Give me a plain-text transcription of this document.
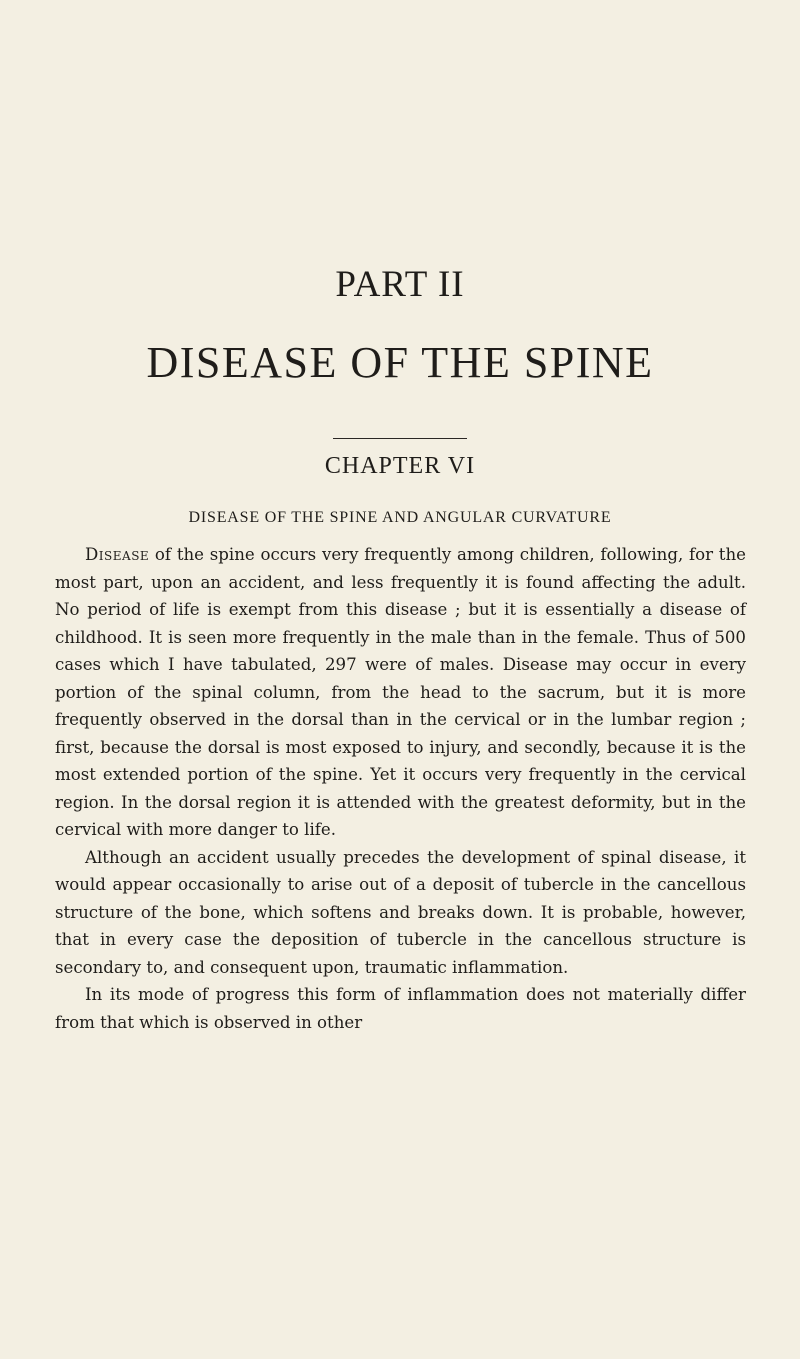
PART II
DISEASE OF THE SPINE
CHAPTER VI
DISEASE OF THE SPINE AND ANGULAR CURVATURE

Disease of the spine occurs very frequently among children, following, for the most part, upon an accident, and less frequently it is found affecting the adult. No period of life is exempt from this disease ; but it is essentially a disease of childhood. It is seen more frequently in the male than in the female. Thus of 500 cases which I have tabulated, 297 were of males. Disease may occur in every portion of the spinal column, from the head to the sacrum, but it is more frequently observed in the dorsal than in the cervical or in the lumbar region ; first, because the dorsal is most exposed to injury, and secondly, because it is the most extended portion of the spine. Yet it occurs very frequently in the cervical region. In the dorsal region it is attended with the greatest deformity, but in the cervical with more danger to life.

Although an accident usually precedes the development of spinal disease, it would appear occasionally to arise out of a deposit of tubercle in the cancellous structure of the bone, which softens and breaks down. It is probable, however, that in every case the deposition of tubercle in the cancellous structure is secondary to, and consequent upon, traumatic inflammation.

In its mode of progress this form of inflammation does not materially differ from that which is observed in other
